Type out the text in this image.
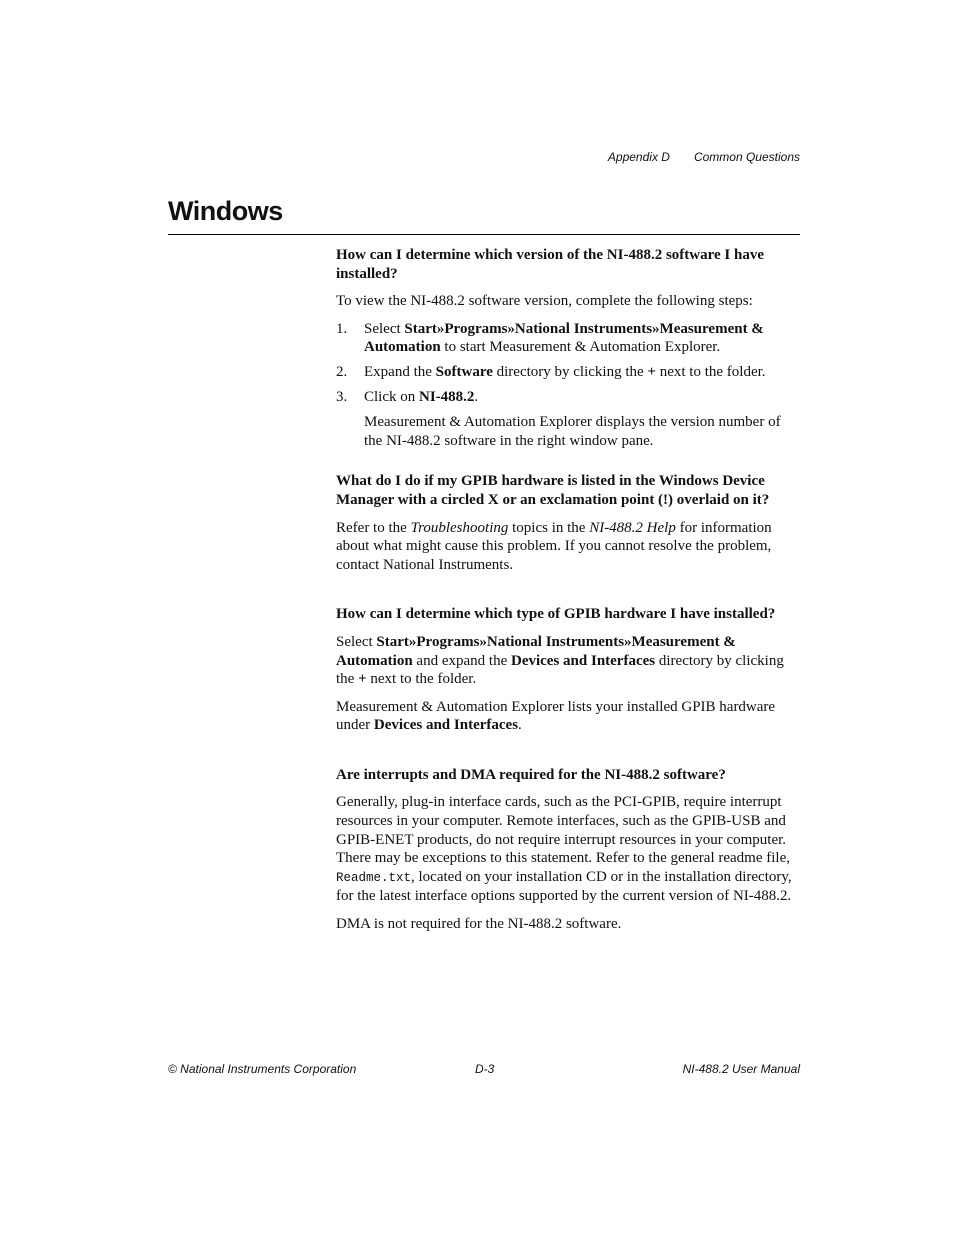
Appendix D Common Questions
Windows

How can I determine which version of the NI-488.2 software I have installed?

To view the NI-488.2 software version, complete the following steps:

1. Select Start»Programs»National Instruments»Measurement & Automation to start Measurement & Automation Explorer.
2. Expand the Software directory by clicking the + next to the folder.
3. Click on NI-488.2.

Measurement & Automation Explorer displays the version number of the NI-488.2 software in the right window pane.

What do I do if my GPIB hardware is listed in the Windows Device Manager with a circled X or an exclamation point (!) overlaid on it?

Refer to the Troubleshooting topics in the NI-488.2 Help for information about what might cause this problem. If you cannot resolve the problem, contact National Instruments.

How can I determine which type of GPIB hardware I have installed?

Select Start»Programs»National Instruments»Measurement & Automation and expand the Devices and Interfaces directory by clicking the + next to the folder.

Measurement & Automation Explorer lists your installed GPIB hardware under Devices and Interfaces.

Are interrupts and DMA required for the NI-488.2 software?

Generally, plug-in interface cards, such as the PCI-GPIB, require interrupt resources in your computer. Remote interfaces, such as the GPIB-USB and GPIB-ENET products, do not require interrupt resources in your computer. There may be exceptions to this statement. Refer to the general readme file, Readme.txt, located on your installation CD or in the installation directory, for the latest interface options supported by the current version of NI-488.2.

DMA is not required for the NI-488.2 software.

© National Instruments Corporation	D-3	NI-488.2 User Manual
